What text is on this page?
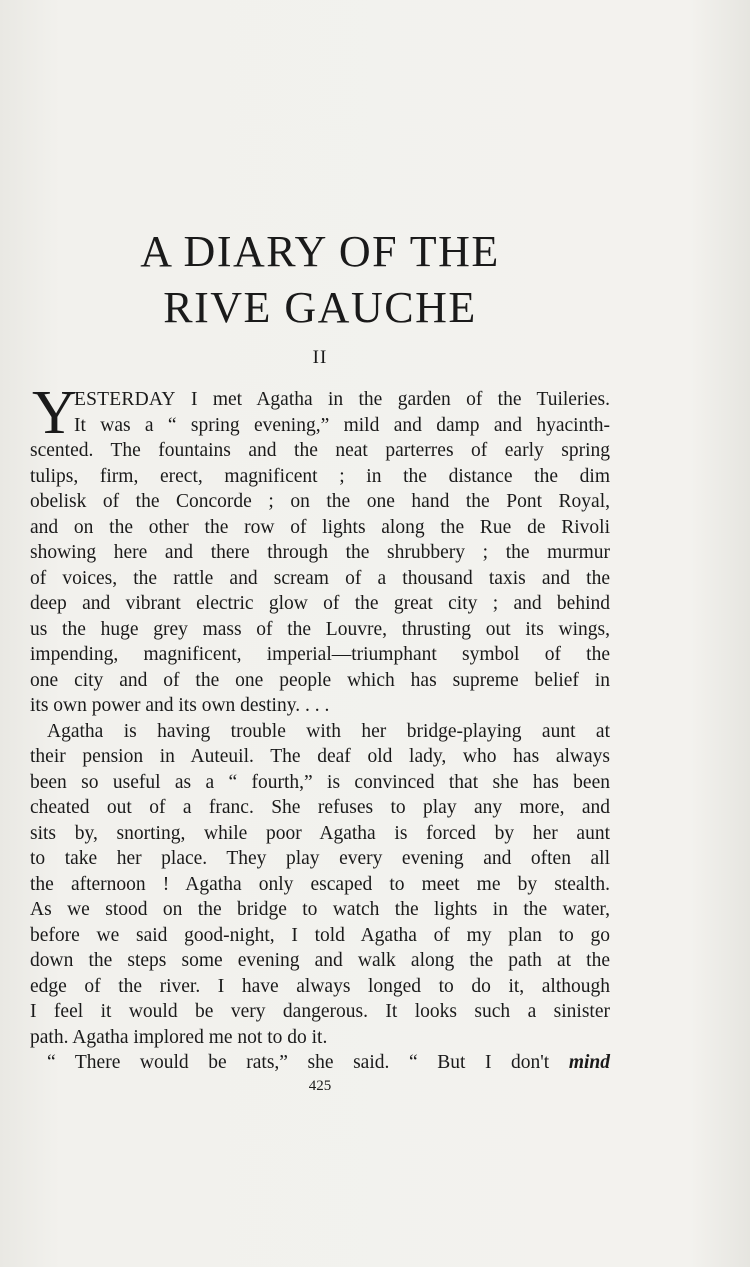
A DIARY OF THE
RIVE GAUCHE
II
Y
ESTERDAY I met Agatha in the garden of the Tuileries.
It was a “ spring evening,” mild and damp and hyacinth-
scented. The fountains and the neat parterres of early spring
tulips, firm, erect, magnificent ; in the distance the dim
obelisk of the Concorde ; on the one hand the Pont Royal,
and on the other the row of lights along the Rue de Rivoli
showing here and there through the shrubbery ; the murmur
of voices, the rattle and scream of a thousand taxis and the
deep and vibrant electric glow of the great city ; and behind
us the huge grey mass of the Louvre, thrusting out its wings,
impending, magnificent, imperial—triumphant symbol of the
one city and of the one people which has supreme belief in
its own power and its own destiny. . . .
Agatha is having trouble with her bridge-playing aunt at
their pension in Auteuil. The deaf old lady, who has always
been so useful as a “ fourth,” is convinced that she has been
cheated out of a franc. She refuses to play any more, and
sits by, snorting, while poor Agatha is forced by her aunt
to take her place. They play every evening and often all
the afternoon ! Agatha only escaped to meet me by stealth.
As we stood on the bridge to watch the lights in the water,
before we said good-night, I told Agatha of my plan to go
down the steps some evening and walk along the path at the
edge of the river. I have always longed to do it, although
I feel it would be very dangerous. It looks such a sinister
path. Agatha implored me not to do it.
“ There would be rats,” she said. “ But I don't mind
425
